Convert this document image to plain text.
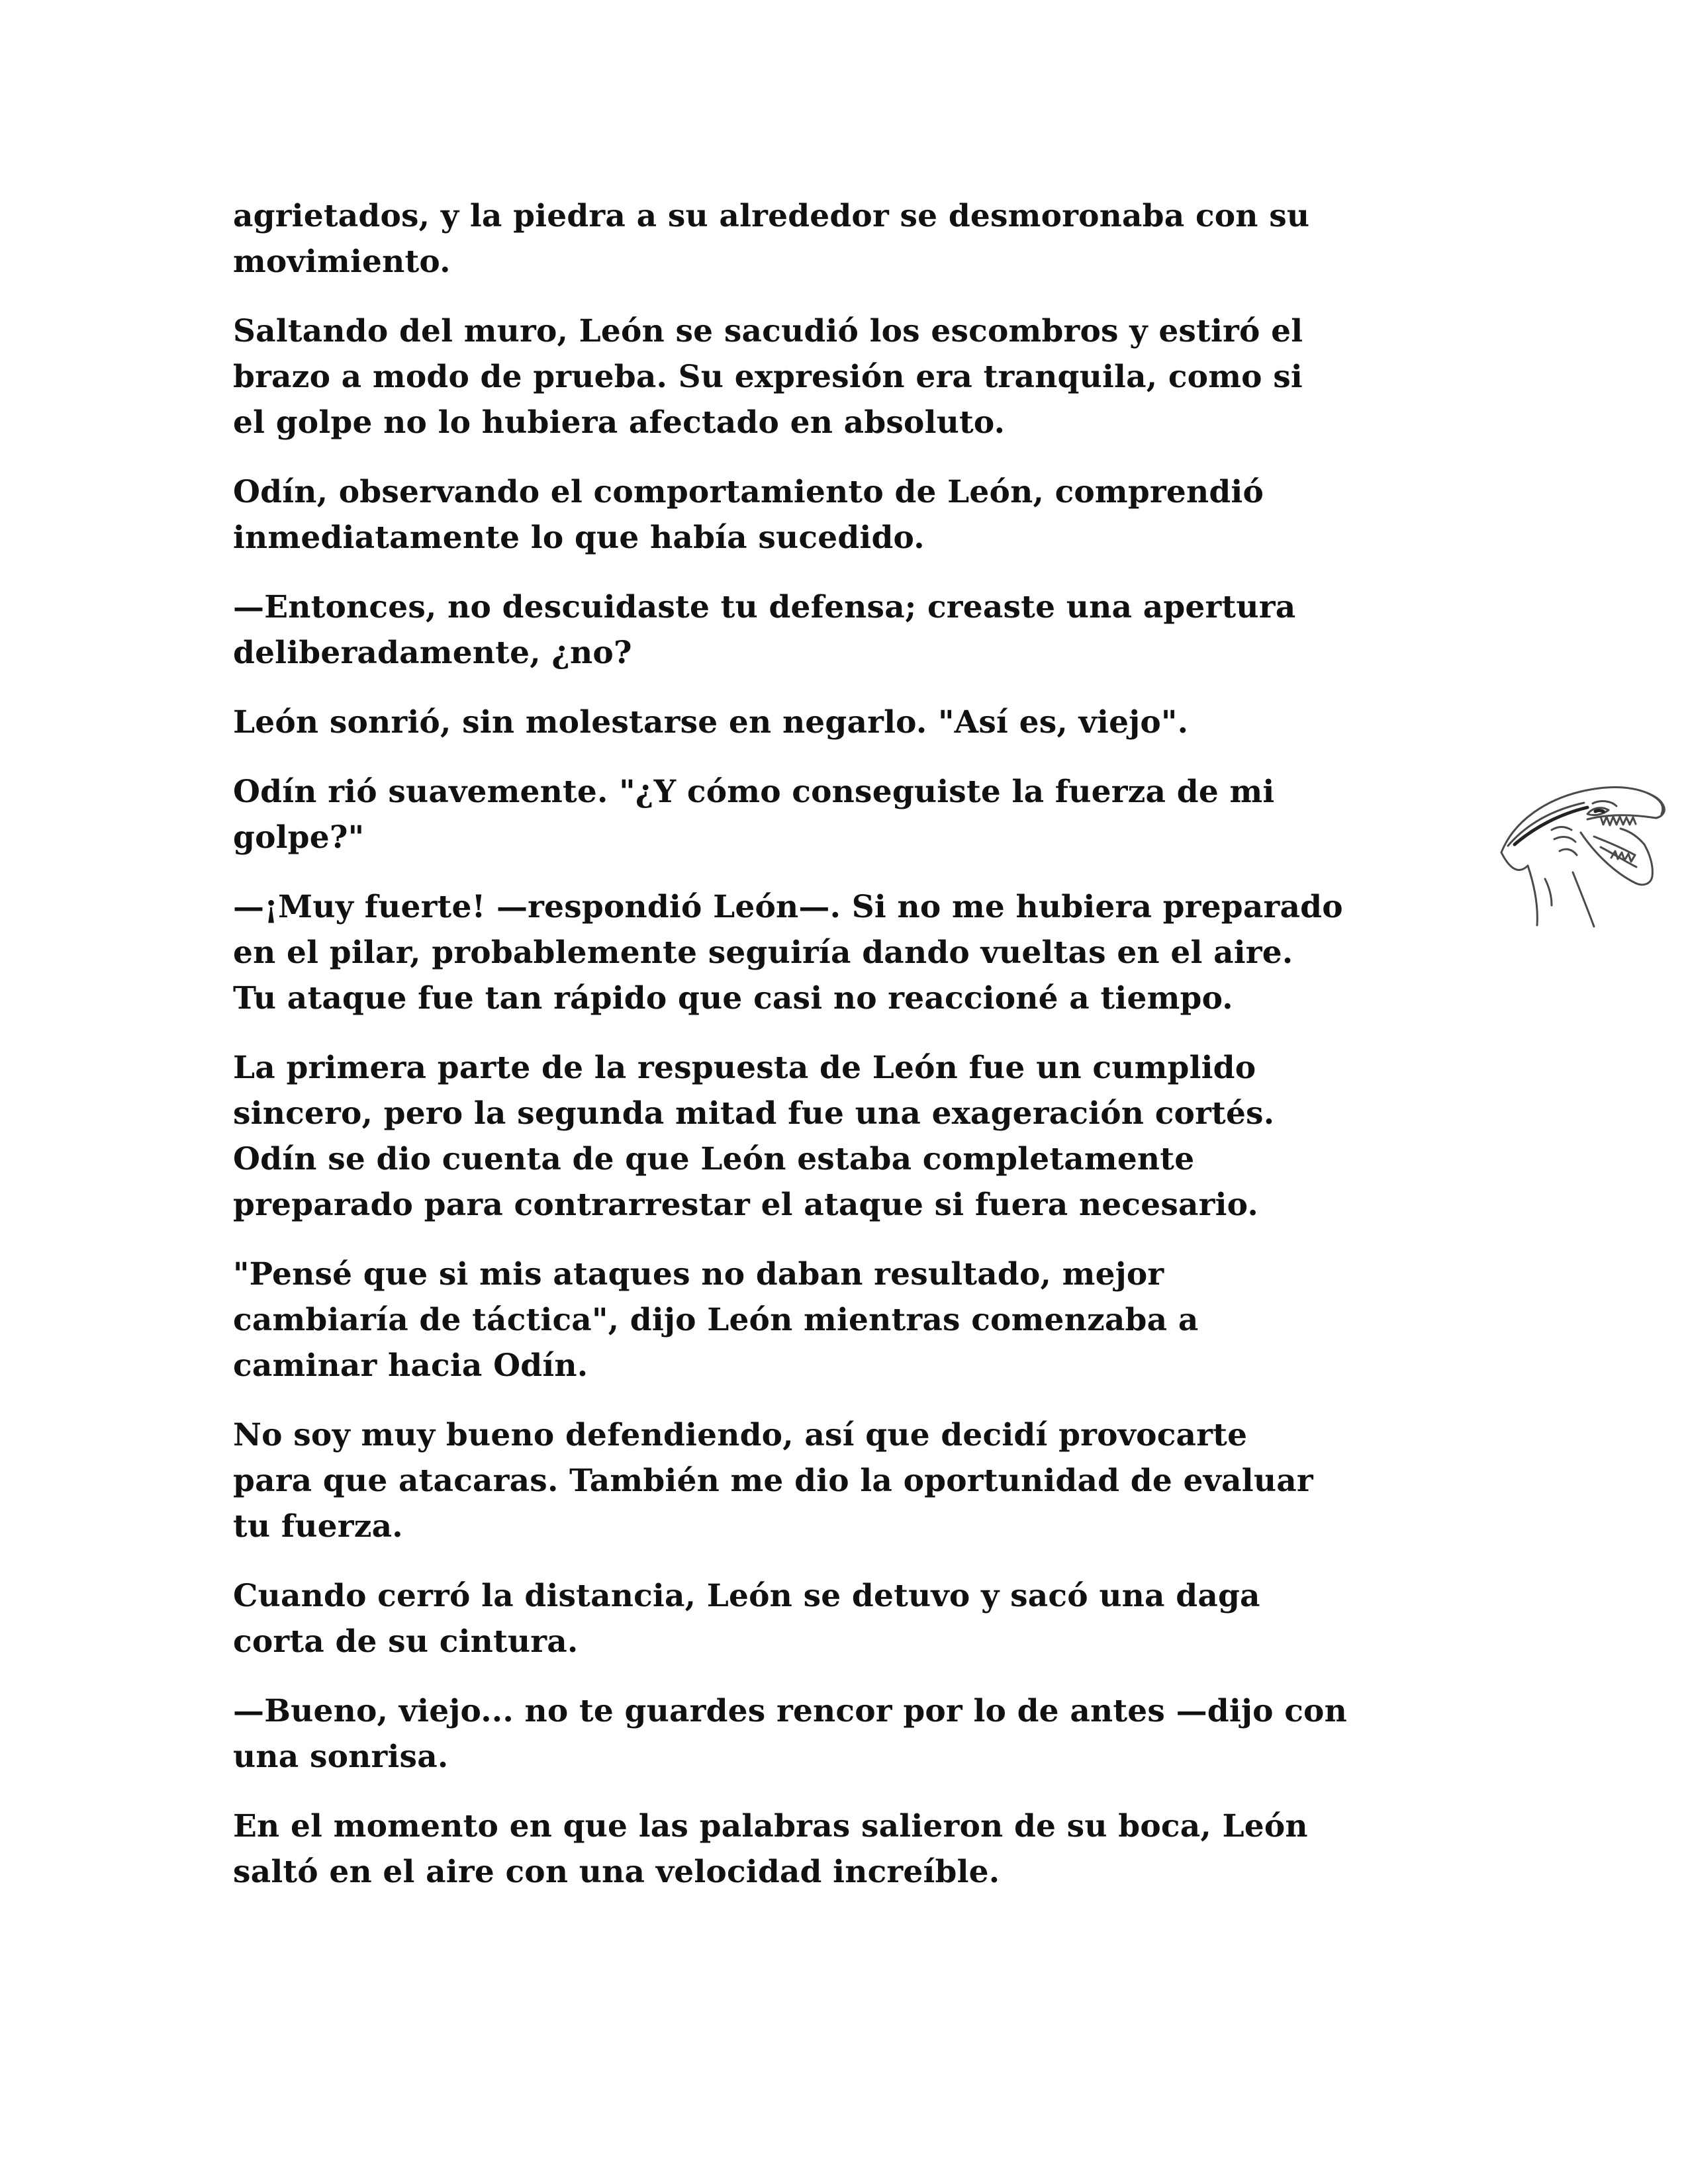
agrietados, y la piedra a su alrededor se desmoronaba con su
movimiento.

Saltando del muro, León se sacudió los escombros y estiró el
brazo a modo de prueba. Su expresión era tranquila, como si
el golpe no lo hubiera afectado en absoluto.

Odín, observando el comportamiento de León, comprendió
inmediatamente lo que había sucedido.

—Entonces, no descuidaste tu defensa; creaste una apertura
deliberadamente, ¿no?

León sonrió, sin molestarse en negarlo. "Así es, viejo".

Odín rió suavemente. "¿Y cómo conseguiste la fuerza de mi
golpe?"

—¡Muy fuerte! —respondió León—. Si no me hubiera preparado
en el pilar, probablemente seguiría dando vueltas en el aire.
Tu ataque fue tan rápido que casi no reaccioné a tiempo.

La primera parte de la respuesta de León fue un cumplido
sincero, pero la segunda mitad fue una exageración cortés.
Odín se dio cuenta de que León estaba completamente
preparado para contrarrestar el ataque si fuera necesario.

"Pensé que si mis ataques no daban resultado, mejor
cambiaría de táctica", dijo León mientras comenzaba a
caminar hacia Odín.

No soy muy bueno defendiendo, así que decidí provocarte
para que atacaras. También me dio la oportunidad de evaluar
tu fuerza.

Cuando cerró la distancia, León se detuvo y sacó una daga
corta de su cintura.

—Bueno, viejo... no te guardes rencor por lo de antes —dijo con
una sonrisa.

En el momento en que las palabras salieron de su boca, León
saltó en el aire con una velocidad increíble.
